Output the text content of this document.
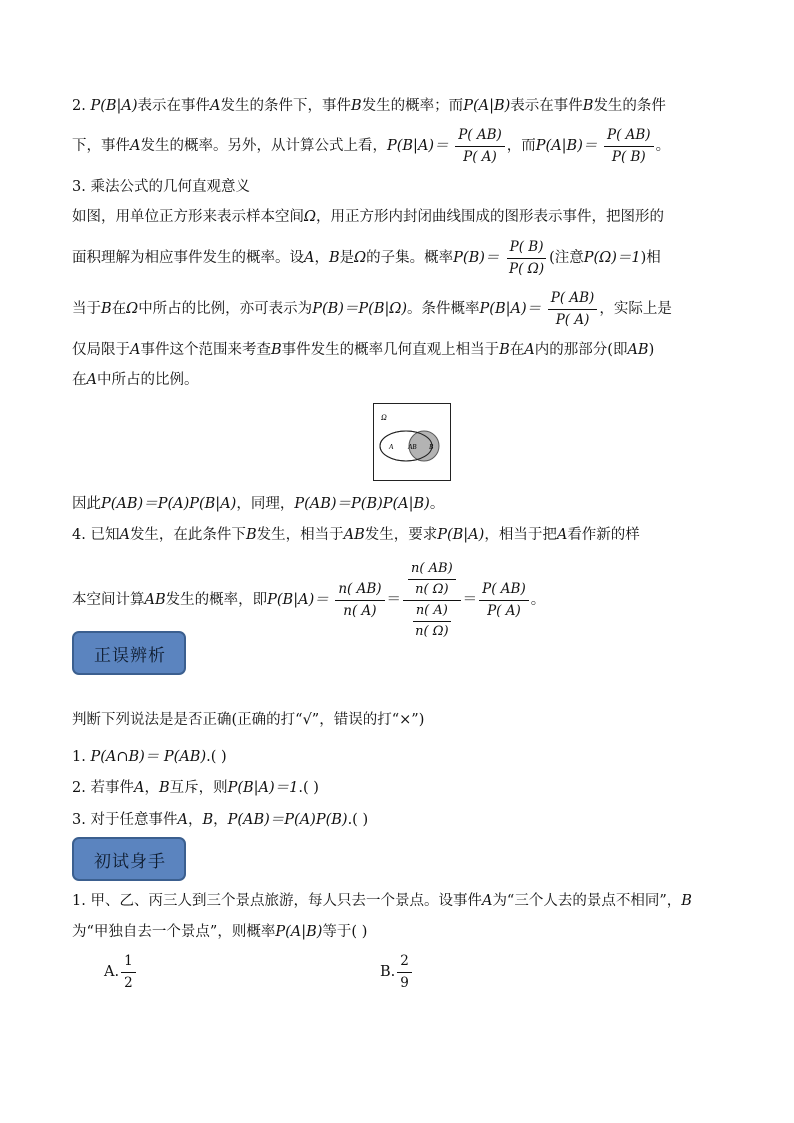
2. P(B|A)表示在事件A发生的条件下，事件B发生的概率；而P(A|B)表示在事件B发生的条件
下，事件A发生的概率。另外，从计算公式上看，$P(B|A)= \frac{P( AB)}{P( A)}$ ，而$P(A|B)= \frac{P( AB)}{P( B)}$ 。
3. 乘法公式的几何直观意义
如图，用单位正方形来表示样本空间Ω，用正方形内封闭曲线围成的图形表示事件，把图形的
面积理解为相应事件发生的概率。设A，B是Ω的子集。概率$P(B)= \frac{P( B)}{P( \Omega)}$ (注意P(Ω)＝1)相
当于B在Ω中所占的比例，亦可表示为P(B)＝P(B|Ω)。条件概率$P(B|A)= \frac{P( AB)}{P( A)}$ ，实际上是
仅局限于A事件这个范围来考查B事件发生的概率几何直观上相当于B在A内的那部分(即AB)
在A中所占的比例。
Ω
A AB B
因此P(AB)＝P(A)P(B|A)，同理，P(AB)＝P(B)P(A|B)。
4. 已知A发生，在此条件下B发生，相当于AB发生，要求P(B|A)，相当于把A看作新的样
本空间计算AB发生的概率，即$P(B|A)= \frac{n( AB)}{n( A)} = \frac{\frac{n( AB)}{n( \Omega)}}{\frac{n( A)}{n( \Omega)}} = \frac{P( AB)}{P( A)}$ 。
正误辨析
判断下列说法是是否正确(正确的打“√”，错误的打“×”)
1. P(A∩B)＝ P(AB).( )
2. 若事件A，B互斥，则P(B|A)＝1.( )
3. 对于任意事件A，B，P(AB)＝P(A)P(B).( )
初试身手
1. 甲、乙、丙三人到三个景点旅游，每人只去一个景点。设事件A为“三个人去的景点不相同”，B
为“甲独自去一个景点”，则概率P(A|B)等于( )
A. $\frac{1}{2}$	B. $\frac{2}{9}$
